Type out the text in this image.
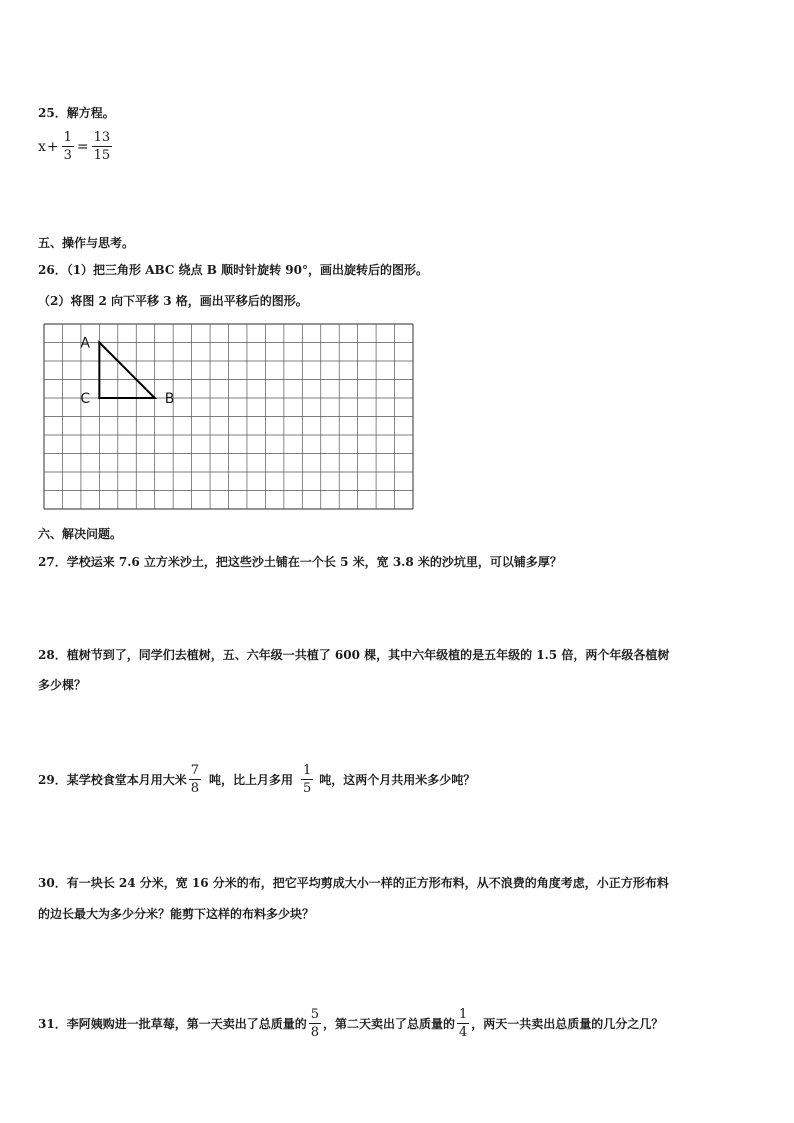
25．解方程。
$x + \frac{1}{3} = \frac{13}{15}$
五、操作与思考。
26．（1）把三角形 ABC 绕点 B 顺时针旋转 90°，画出旋转后的图形。
（2）将图 2 向下平移 3 格，画出平移后的图形。
A
C	B
六、解决问题。
27．学校运来 7.6 立方米沙土，把这些沙土铺在一个长 5 米，宽 3.8 米的沙坑里，可以铺多厚？
28．植树节到了，同学们去植树，五、六年级一共植了 600 棵，其中六年级植的是五年级的 1.5 倍，两个年级各植树
多少棵？
29．某学校食堂本月用大米 $\frac{7}{8}$ 吨，比上月多用 $\frac{1}{5}$ 吨，这两个月共用米多少吨？
30．有一块长 24 分米，宽 16 分米的布，把它平均剪成大小一样的正方形布料，从不浪费的角度考虑，小正方形布料
的边长最大为多少分米？能剪下这样的布料多少块？
31．李阿姨购进一批草莓，第一天卖出了总质量的 $\frac{5}{8}$ ，第二天卖出了总质量的 $\frac{1}{4}$ ，两天一共卖出总质量的几分之几？
